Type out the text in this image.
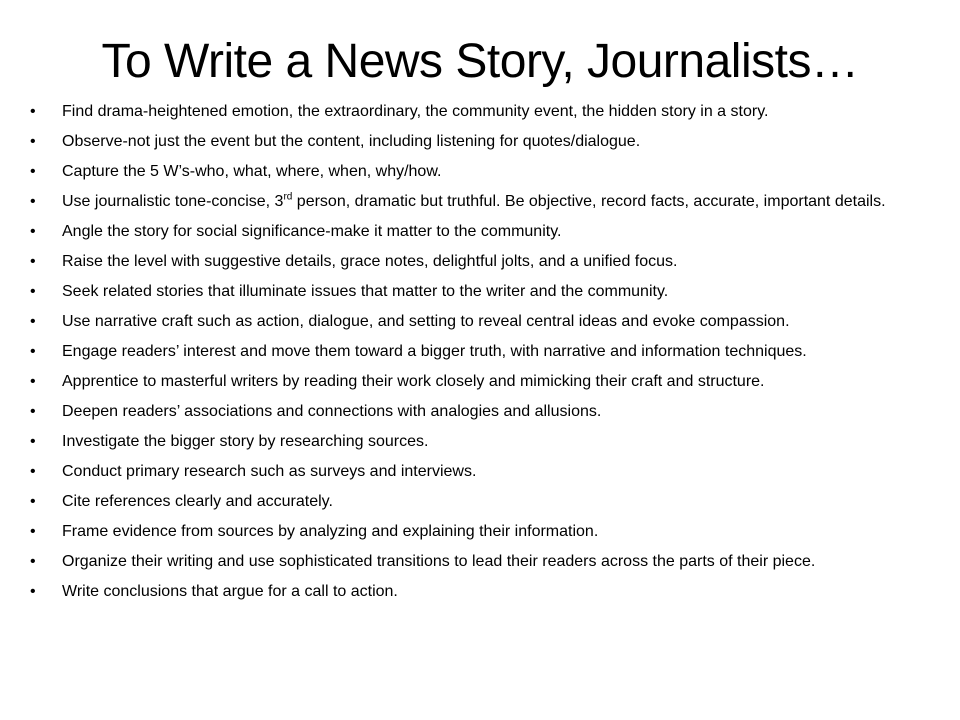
To Write a News Story, Journalists…
•	Find drama-heightened emotion, the extraordinary, the community event, the hidden story in a story.
•	Observe-not just the event but the content, including listening for quotes/dialogue.
•	Capture the 5 W’s-who, what, where, when, why/how.
•	Use journalistic tone-concise, 3rd person, dramatic but truthful. Be objective, record facts, accurate, important details.
•	Angle the story for social significance-make it matter to the community.
•	Raise the level with suggestive details, grace notes, delightful jolts, and a unified focus.
•	Seek related stories that illuminate issues that matter to the writer and the community.
•	Use narrative craft such as action, dialogue, and setting to reveal central ideas and evoke compassion.
•	Engage readers’ interest and move them toward a bigger truth, with narrative and information techniques.
•	Apprentice to masterful writers by reading their work closely and mimicking their craft and structure.
•	Deepen readers’ associations and connections with analogies and allusions.
•	Investigate the bigger story by researching sources.
•	Conduct primary research such as surveys and interviews.
•	Cite references clearly and accurately.
•	Frame evidence from sources by analyzing and explaining their information.
•	Organize their writing and use sophisticated transitions to lead their readers across the parts of their piece.
•	Write conclusions that argue for a call to action.
